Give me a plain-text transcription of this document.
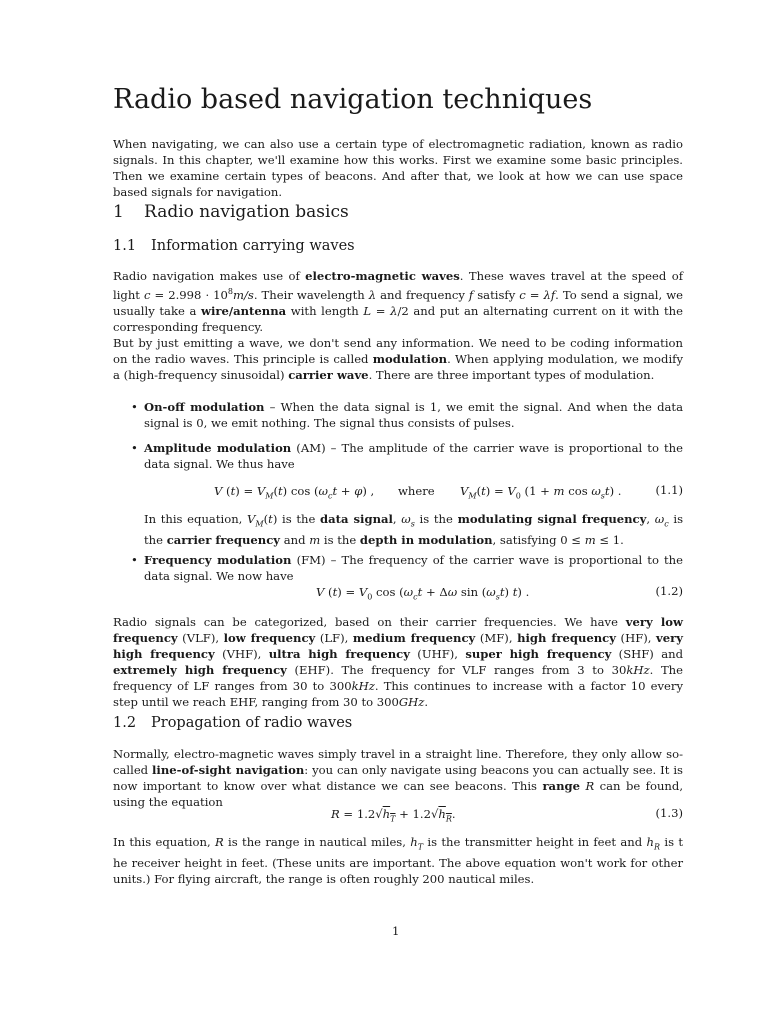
Radio based navigation techniques

When navigating, we can also use a certain type of electromagnetic radiation, known as radio signals. In this chapter, we'll examine how this works. First we examine some basic principles. Then we examine certain types of beacons. And after that, we look at how we can use space based signals for navigation.

1 Radio navigation basics
1.1 Information carrying waves

Radio navigation makes use of electro-magnetic waves. These waves travel at the speed of light $c = 2.998 \cdot 10^8m/s$. Their wavelength λ and frequency f satisfy c = λf. To send a signal, we usually take a wire/antenna with length L = λ/2 and put an alternating current on it with the corresponding frequency.

But by just emitting a wave, we don't send any information. We need to be coding information on the radio waves. This principle is called modulation. When applying modulation, we modify a (high-frequency sinusoidal) carrier wave. There are three important types of modulation.

• On-off modulation – When the data signal is 1, we emit the signal. And when the data signal is 0, we emit nothing. The signal thus consists of pulses.
• Amplitude modulation (AM) – The amplitude of the carrier wave is proportional to the data signal. We thus have
V $(t) = V_M(t)$ $\cos (\omega_ct + \varphi)$ , where $V_M(t) = V_0$ (1 + m $\cos \omega_st$) .	(1.1)
In this equation, $V_M(t)$ is the data signal, $\omega_s$ is the modulating signal frequency, $\omega_c$ is the carrier frequency and m is the depth in modulation, satisfying 0 ≤ m ≤ 1.
• Frequency modulation (FM) – The frequency of the carrier wave is proportional to the data signal. We now have
V $(t) = V_0$ $\cos (\omega_ct + \Delta\omega$ $\sin (\omega_st)$ t) .	(1.2)

Radio signals can be categorized, based on their carrier frequencies. We have very low frequency (VLF), low frequency (LF), medium frequency (MF), high frequency (HF), very high frequency (VHF), ultra high frequency (UHF), super high frequency (SHF) and extremely high frequency (EHF). The frequency for VLF ranges from 3 to 30kHz. The frequency of LF ranges from 30 to 300kHz. This continues to increase with a factor 10 every step until we reach EHF, ranging from 30 to 300GHz.

1.2 Propagation of radio waves

Normally, electro-magnetic waves simply travel in a straight line. Therefore, they only allow so-called line-of-sight navigation: you can only navigate using beacons you can actually see. It is now important to know over what distance we can see beacons. This range R can be found, using the equation

$R = 1.2√h_T + 1.2√h_R$.	(1.3)

In this equation, R is the range in nautical miles, $h_T$ is the transmitter height in feet and $h_R$ is t he receiver height in feet. (These units are important. The above equation won't work for other units.) For flying aircraft, the range is often roughly 200 nautical miles.

1
